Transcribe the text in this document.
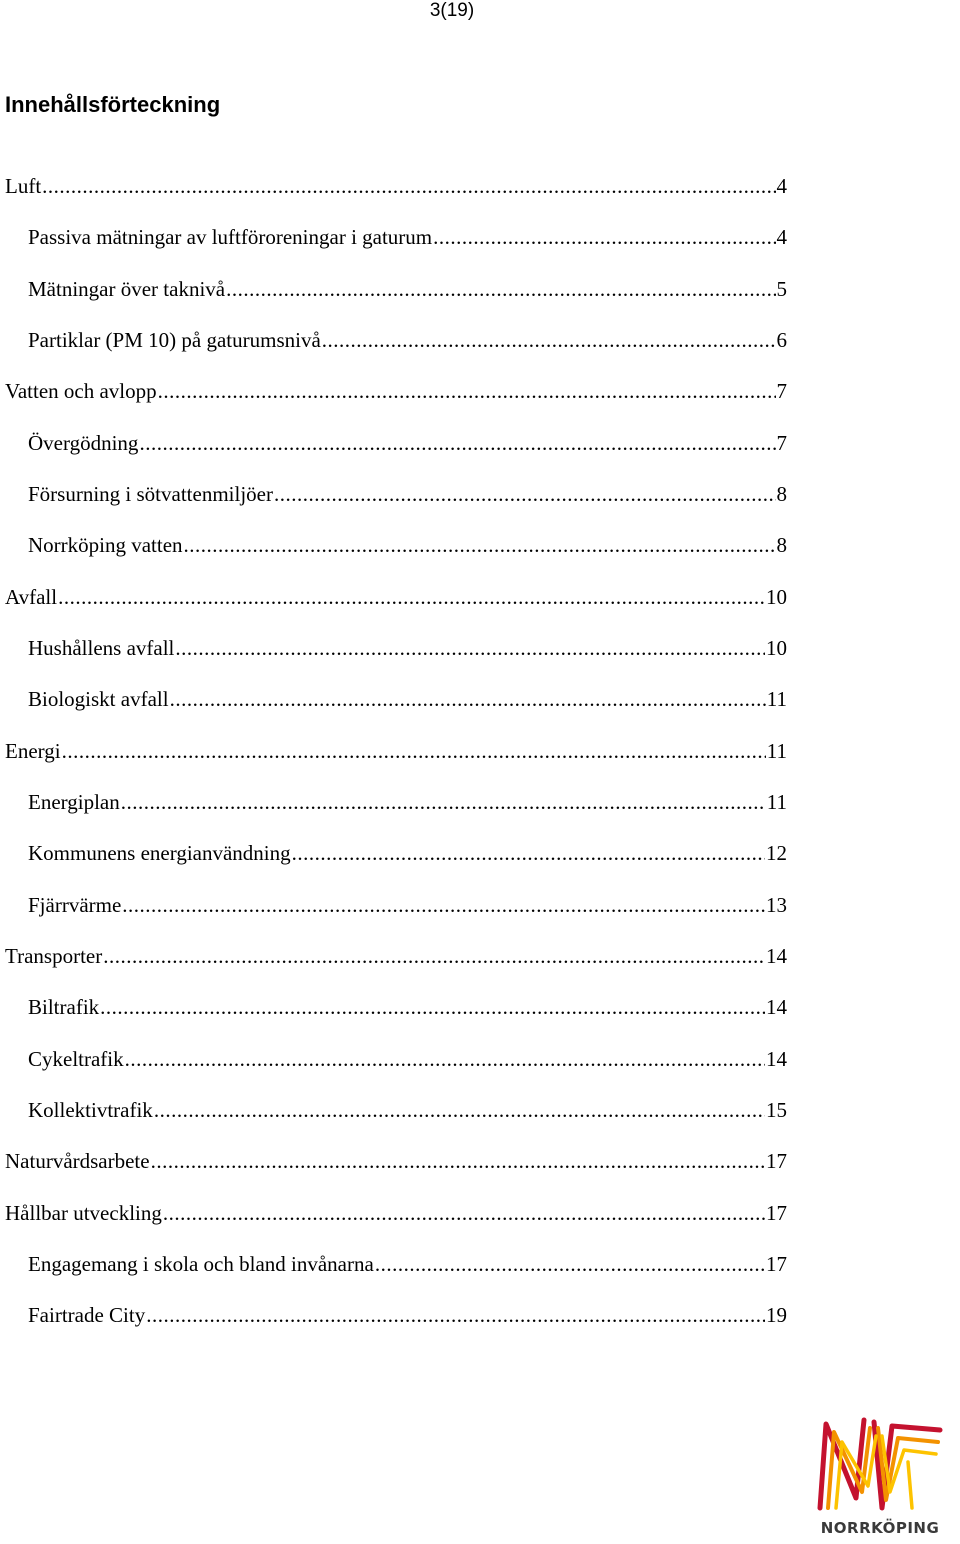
3(19)
Innehållsförteckning
Luft .....	4
Passiva mätningar av luftföroreningar i gaturum .....	4
Mätningar över taknivå .....	5
Partiklar (PM 10) på gaturumsnivå .....	6
Vatten och avlopp .....	7
Övergödning .....	7
Försurning i sötvattenmiljöer .....	8
Norrköping vatten .....	8
Avfall .....	10
Hushållens avfall .....	10
Biologiskt avfall .....	11
Energi .....	11
Energiplan .....	11
Kommunens energianvändning .....	12
Fjärrvärme .....	13
Transporter .....	14
Biltrafik .....	14
Cykeltrafik .....	14
Kollektivtrafik .....	15
Naturvårdsarbete .....	17
Hållbar utveckling .....	17
Engagemang i skola och bland invånarna .....	17
Fairtrade City .....	19
NORRKÖPING
